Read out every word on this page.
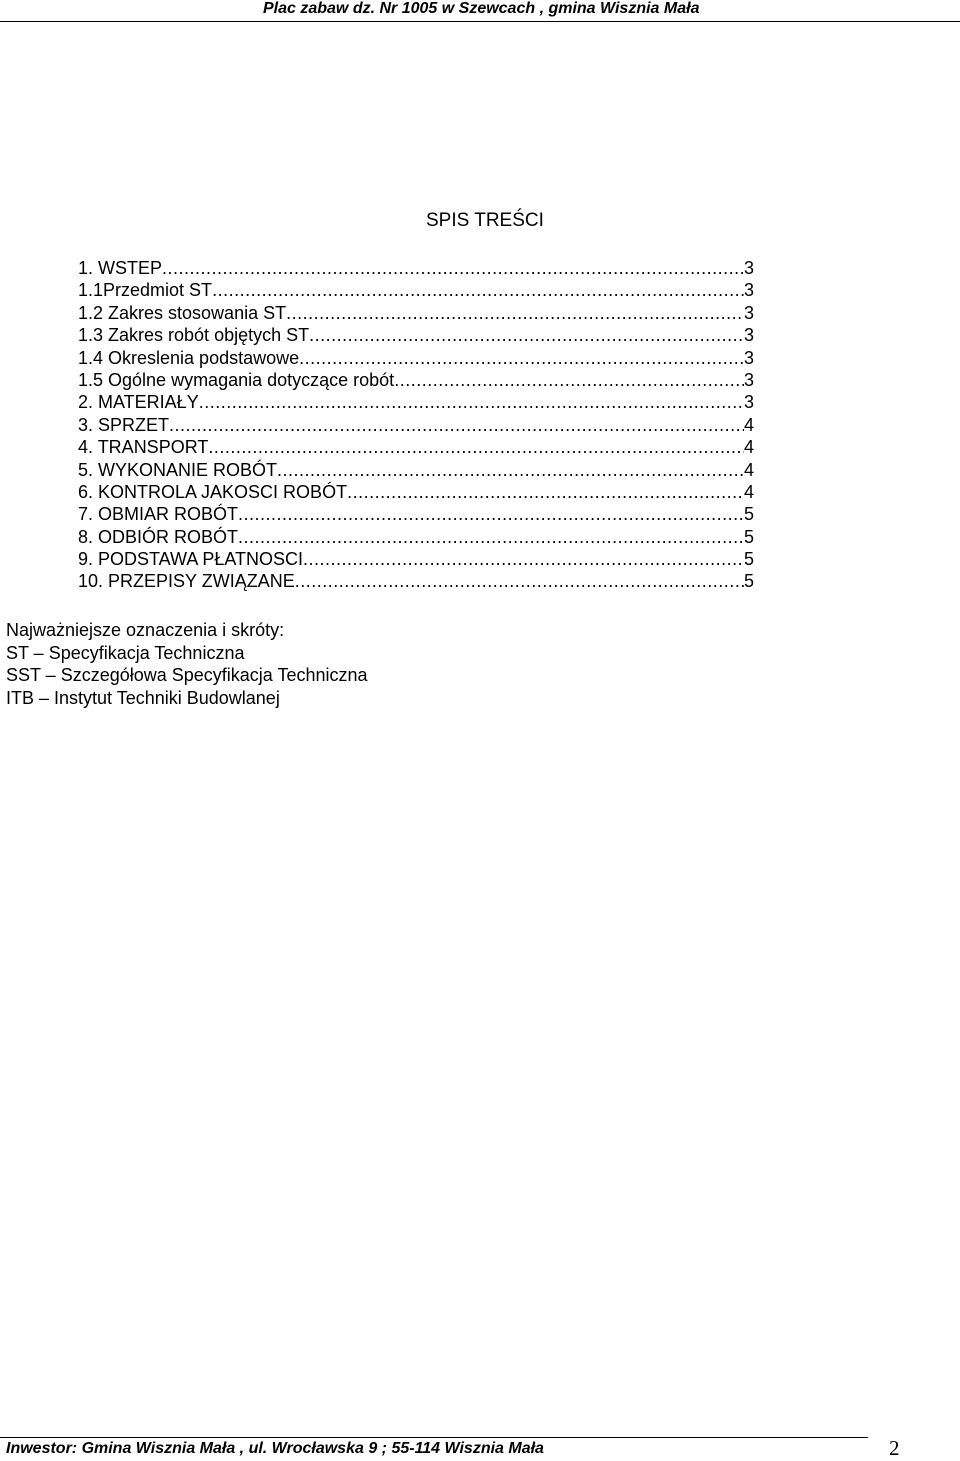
Plac zabaw dz. Nr 1005 w Szewcach , gmina Wisznia Mała
SPIS TREŚCI
1. WSTEP .....	3
1.1Przedmiot ST .....	3
1.2 Zakres stosowania ST .....	3
1.3 Zakres robót objętych ST .....	3
1.4 Okreslenia podstawowe .....	3
1.5 Ogólne wymagania dotyczące robót .....	3
2. MATERIAŁY .....	3
3. SPRZET .....	4
4. TRANSPORT .....	4
5. WYKONANIE ROBÓT .....	4
6. KONTROLA JAKOSCI ROBÓT .....	4
7. OBMIAR ROBÓT .....	5
8. ODBIÓR ROBÓT .....	5
9. PODSTAWA PŁATNOSCI .....	5
10. PRZEPISY ZWIĄZANE .....	5
Najważniejsze oznaczenia i skróty:
ST – Specyfikacja Techniczna
SST – Szczegółowa Specyfikacja Techniczna
ITB – Instytut Techniki Budowlanej
Inwestor: Gmina Wisznia Mała , ul. Wrocławska 9 ; 55-114 Wisznia Mała	2
